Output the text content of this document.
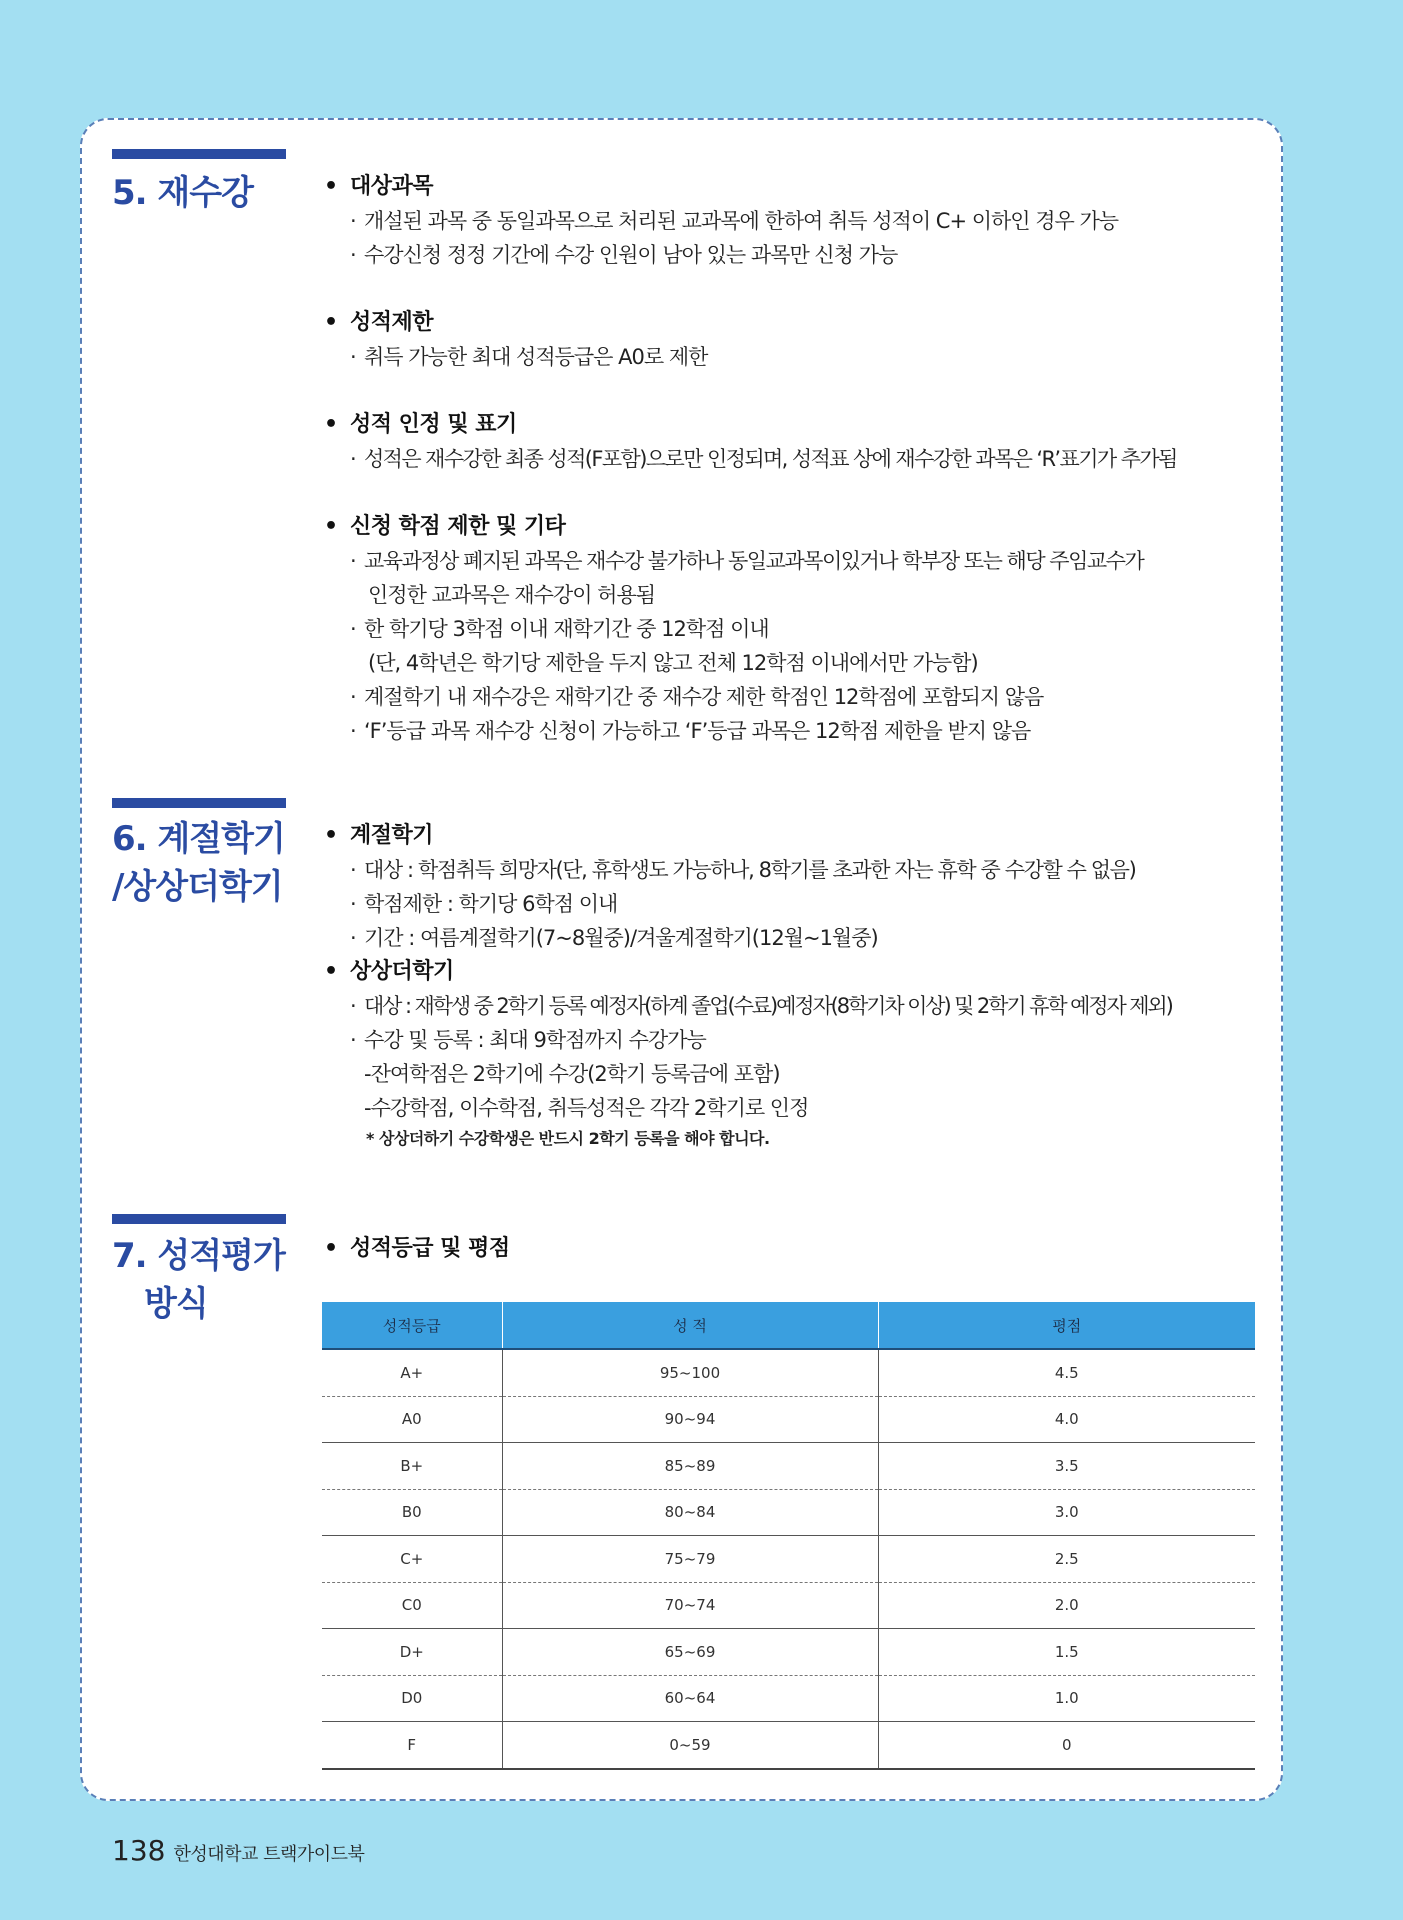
5. 재수강	• 대상과목
· 개설된 과목 중 동일과목으로 처리된 교과목에 한하여 취득 성적이 C+ 이하인 경우 가능
· 수강신청 정정 기간에 수강 인원이 남아 있는 과목만 신청 가능
• 성적제한
· 취득 가능한 최대 성적등급은 A0로 제한
• 성적 인정 및 표기
· 성적은 재수강한 최종 성적(F포함)으로만 인정되며, 성적표 상에 재수강한 과목은 ‘R’표기가 추가됨
• 신청 학점 제한 및 기타
· 교육과정상 폐지된 과목은 재수강 불가하나 동일교과목이있거나 학부장 또는 해당 주임교수가
인정한 교과목은 재수강이 허용됨
· 한 학기당 3학점 이내 재학기간 중 12학점 이내
(단, 4학년은 학기당 제한을 두지 않고 전체 12학점 이내에서만 가능함)
· 계절학기 내 재수강은 재학기간 중 재수강 제한 학점인 12학점에 포함되지 않음
· ‘F’등급 과목 재수강 신청이 가능하고 ‘F’등급 과목은 12학점 제한을 받지 않음
6. 계절학기
/상상더학기
• 계절학기
· 대상 : 학점취득 희망자(단, 휴학생도 가능하나, 8학기를 초과한 자는 휴학 중 수강할 수 없음)
· 학점제한 : 학기당 6학점 이내
· 기간 : 여름계절학기(7~8월중)/겨울계절학기(12월~1월중)
• 상상더학기
· 대상 : 재학생 중 2학기 등록 예정자(하계 졸업(수료)예정자(8학기차 이상) 및 2학기 휴학 예정자 제외)
· 수강 및 등록 : 최대 9학점까지 수강가능
-잔여학점은 2학기에 수강(2학기 등록금에 포함)
-수강학점, 이수학점, 취득성적은 각각 2학기로 인정
* 상상더하기 수강학생은 반드시 2학기 등록을 해야 합니다.
7. 성적평가
방식
• 성적등급 및 평점
성적등급	성 적	평점
A+	95~100	4.5
A0	90~94	4.0
B+	85~89	3.5
B0	80~84	3.0
C+	75~79	2.5
C0	70~74	2.0
D+	65~69	1.5
D0	60~64	1.0
F	0~59	0
138 한성대학교 트랙가이드북
